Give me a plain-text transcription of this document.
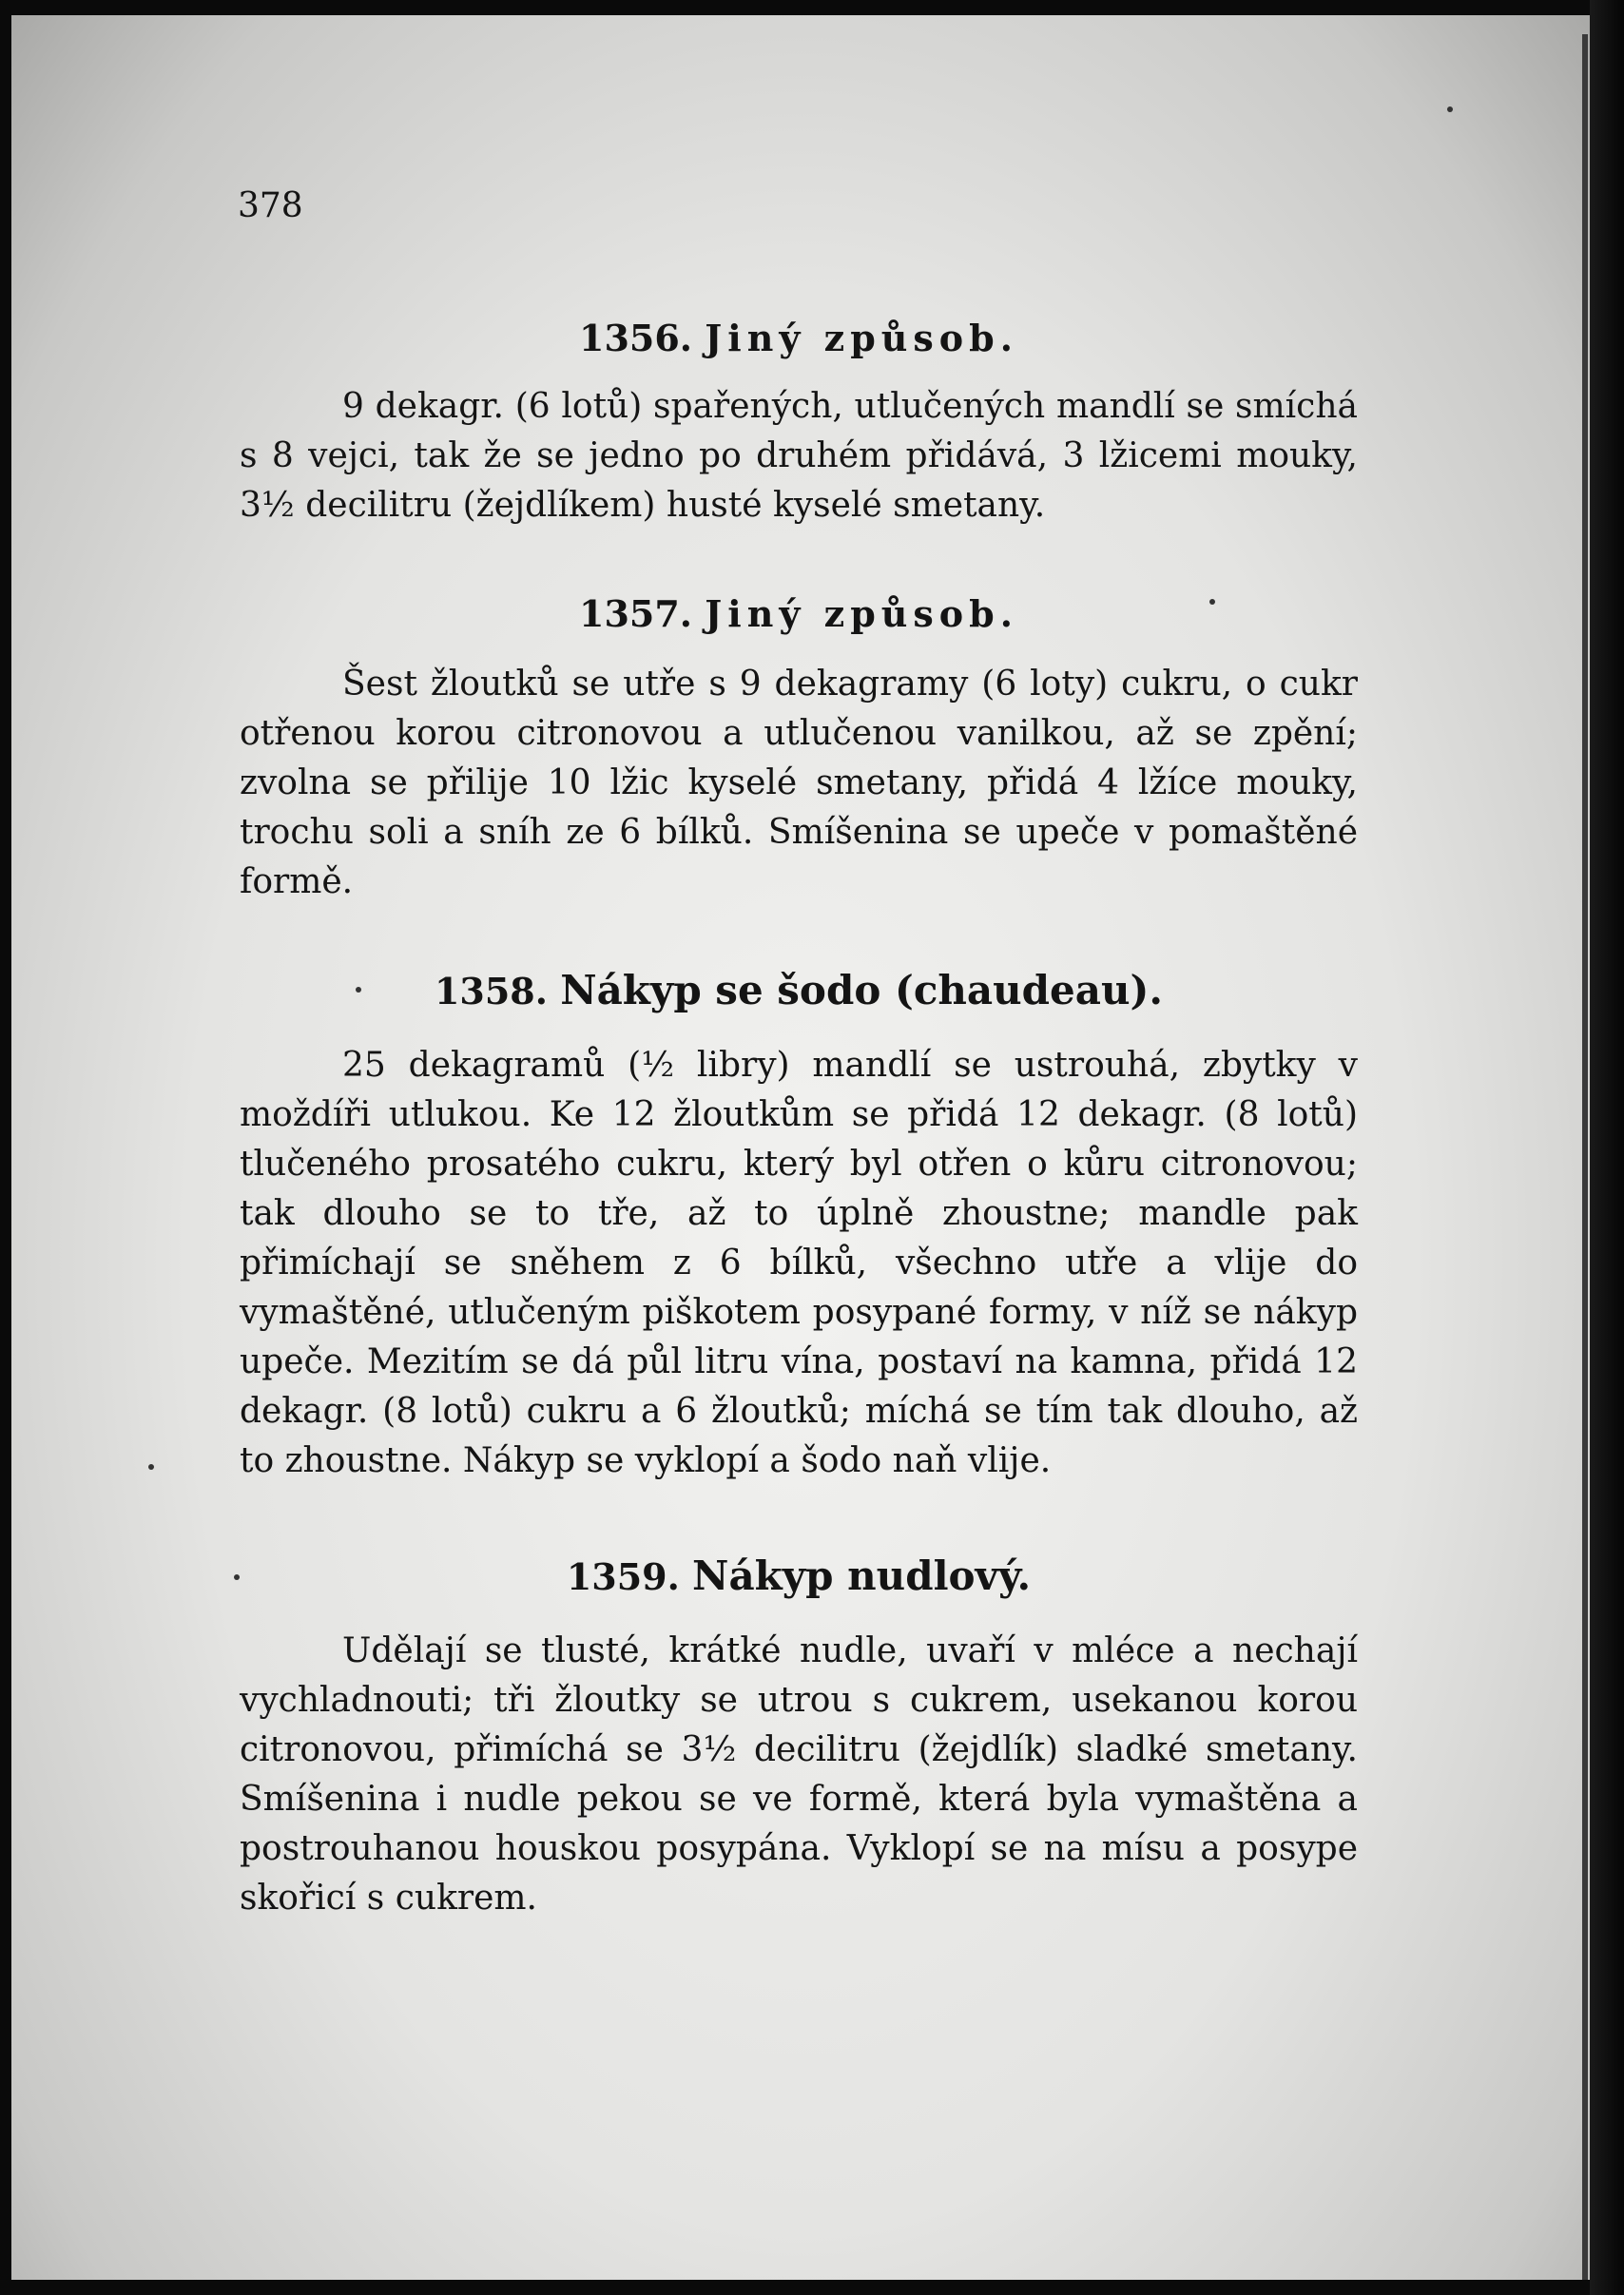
378
1356. Jiný způsob.

9 dekagr. (6 lotů) spařených, utlučených mandlí se smíchá s 8 vejci, tak že se jedno po druhém přidává, 3 lžicemi mouky, 3½ decilitru (žejdlíkem) husté kyselé smetany.

1357. Jiný způsob.

Šest žloutků se utře s 9 dekagramy (6 loty) cukru, o cukr otřenou korou citronovou a utlučenou vanilkou, až se zpění; zvolna se přilije 10 lžic kyselé smetany, přidá 4 lžíce mouky, trochu soli a sníh ze 6 bílků. Smíšenina se upeče v pomaštěné formě.

1358. Nákyp se šodo (chaudeau).

25 dekagramů (½ libry) mandlí se ustrouhá, zbytky v moždíři utlukou. Ke 12 žloutkům se přidá 12 dekagr. (8 lotů) tlučeného prosatého cukru, který byl otřen o kůru citronovou; tak dlouho se to tře, až to úplně zhoustne; mandle pak přimíchají se sněhem z 6 bílků, všechno utře a vlije do vymaštěné, utlučeným piškotem posypané formy, v níž se nákyp upeče. Mezitím se dá půl litru vína, postaví na kamna, přidá 12 dekagr. (8 lotů) cukru a 6 žloutků; míchá se tím tak dlouho, až to zhoustne. Nákyp se vyklopí a šodo naň vlije.

1359. Nákyp nudlový.

Udělají se tlusté, krátké nudle, uvaří v mléce a nechají vychladnouti; tři žloutky se utrou s cukrem, usekanou korou citronovou, přimíchá se 3½ decilitru (žejdlík) sladké smetany. Smíšenina i nudle pekou se ve formě, která byla vymaštěna a postrouhanou houskou posypána. Vyklopí se na mísu a posype skořicí s cukrem.
